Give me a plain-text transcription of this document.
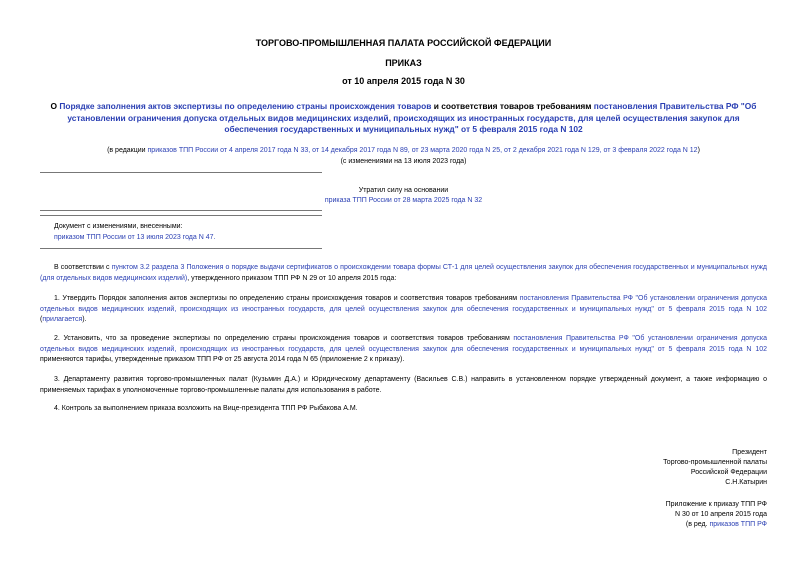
ТОРГОВО-ПРОМЫШЛЕННАЯ ПАЛАТА РОССИЙСКОЙ ФЕДЕРАЦИИ
ПРИКАЗ
от 10 апреля 2015 года N 30
О Порядке заполнения актов экспертизы по определению страны происхождения товаров и соответствия товаров требованиям постановления Правительства РФ "Об установлении ограничения допуска отдельных видов медицинских изделий, происходящих из иностранных государств, для целей осуществления закупок для обеспечения государственных и муниципальных нужд" от 5 февраля 2015 года N 102
(в редакции приказов ТПП России от 4 апреля 2017 года N 33, от 14 декабря 2017 года N 89, от 23 марта 2020 года N 25, от 2 декабря 2021 года N 129, от 3 февраля 2022 года N 12)
(с изменениями на 13 июля 2023 года)
Утратил силу на основании
приказа ТПП России от 28 марта 2025 года N 32
Документ с изменениями, внесенными:
приказом ТПП России от 13 июля 2023 года N 47.
В соответствии с пунктом 3.2 раздела 3 Положения о порядке выдачи сертификатов о происхождении товара формы СТ-1 для целей осуществления закупок для обеспечения государственных и муниципальных нужд (для отдельных видов медицинских изделий), утвержденного приказом ТПП РФ N 29 от 10 апреля 2015 года:
1. Утвердить Порядок заполнения актов экспертизы по определению страны происхождения товаров и соответствия товаров требованиям постановления Правительства РФ "Об установлении ограничения допуска отдельных видов медицинских изделий, происходящих из иностранных государств, для целей осуществления закупок для обеспечения государственных и муниципальных нужд" от 5 февраля 2015 года N 102 (прилагается).
2. Установить, что за проведение экспертизы по определению страны происхождения товаров и соответствия товаров требованиям постановления Правительства РФ "Об установлении ограничения допуска отдельных видов медицинских изделий, происходящих из иностранных государств, для целей осуществления закупок для обеспечения государственных и муниципальных нужд" от 5 февраля 2015 года N 102 применяются тарифы, утвержденные приказом ТПП РФ от 25 августа 2014 года N 65 (приложение 2 к приказу).
3. Департаменту развития торгово-промышленных палат (Кузьмин Д.А.) и Юридическому департаменту (Васильев С.В.) направить в установленном порядке утвержденный документ, а также информацию о применяемых тарифах в уполномоченные торгово-промышленные палаты для использования в работе.
4. Контроль за выполнением приказа возложить на Вице-президента ТПП РФ Рыбакова А.М.
Президент
Торгово-промышленной палаты
Российской Федерации
С.Н.Катырин
Приложение к приказу ТПП РФ
N 30 от 10 апреля 2015 года
(в ред. приказов ТПП РФ
